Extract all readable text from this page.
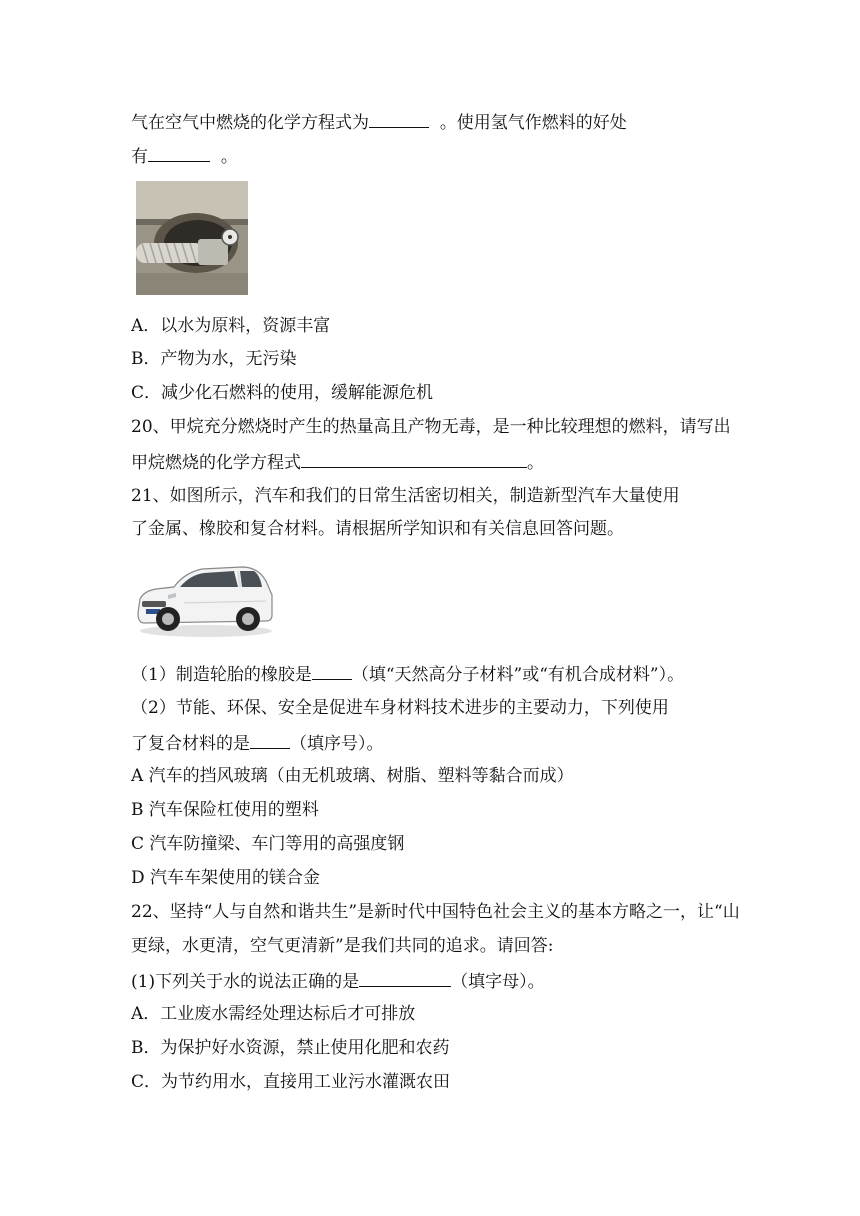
气在空气中燃烧的化学方程式为	。使用氢气作燃料的好处
有	。
A．以水为原料，资源丰富
B．产物为水，无污染
C．减少化石燃料的使用，缓解能源危机
20、甲烷充分燃烧时产生的热量高且产物无毒，是一种比较理想的燃料，请写出
甲烷燃烧的化学方程式	。
21、如图所示，汽车和我们的日常生活密切相关，制造新型汽车大量使用
了金属、橡胶和复合材料。请根据所学知识和有关信息回答问题。
（1）制造轮胎的橡胶是 （填“天然高分子材料”或“有机合成材料”）。
（2）节能、环保、安全是促进车身材料技术进步的主要动力，下列使用
了复合材料的是 （填序号）。
A 汽车的挡风玻璃（由无机玻璃、树脂、塑料等黏合而成）
B 汽车保险杠使用的塑料
C 汽车防撞梁、车门等用的高强度钢
D 汽车车架使用的镁合金
22、坚持“人与自然和谐共生”是新时代中国特色社会主义的基本方略之一，让“山
更绿，水更清，空气更清新”是我们共同的追求。请回答:
(1)下列关于水的说法正确的是	（填字母）。
A．工业废水需经处理达标后才可排放
B．为保护好水资源，禁止使用化肥和农药
C．为节约用水，直接用工业污水灌溉农田
